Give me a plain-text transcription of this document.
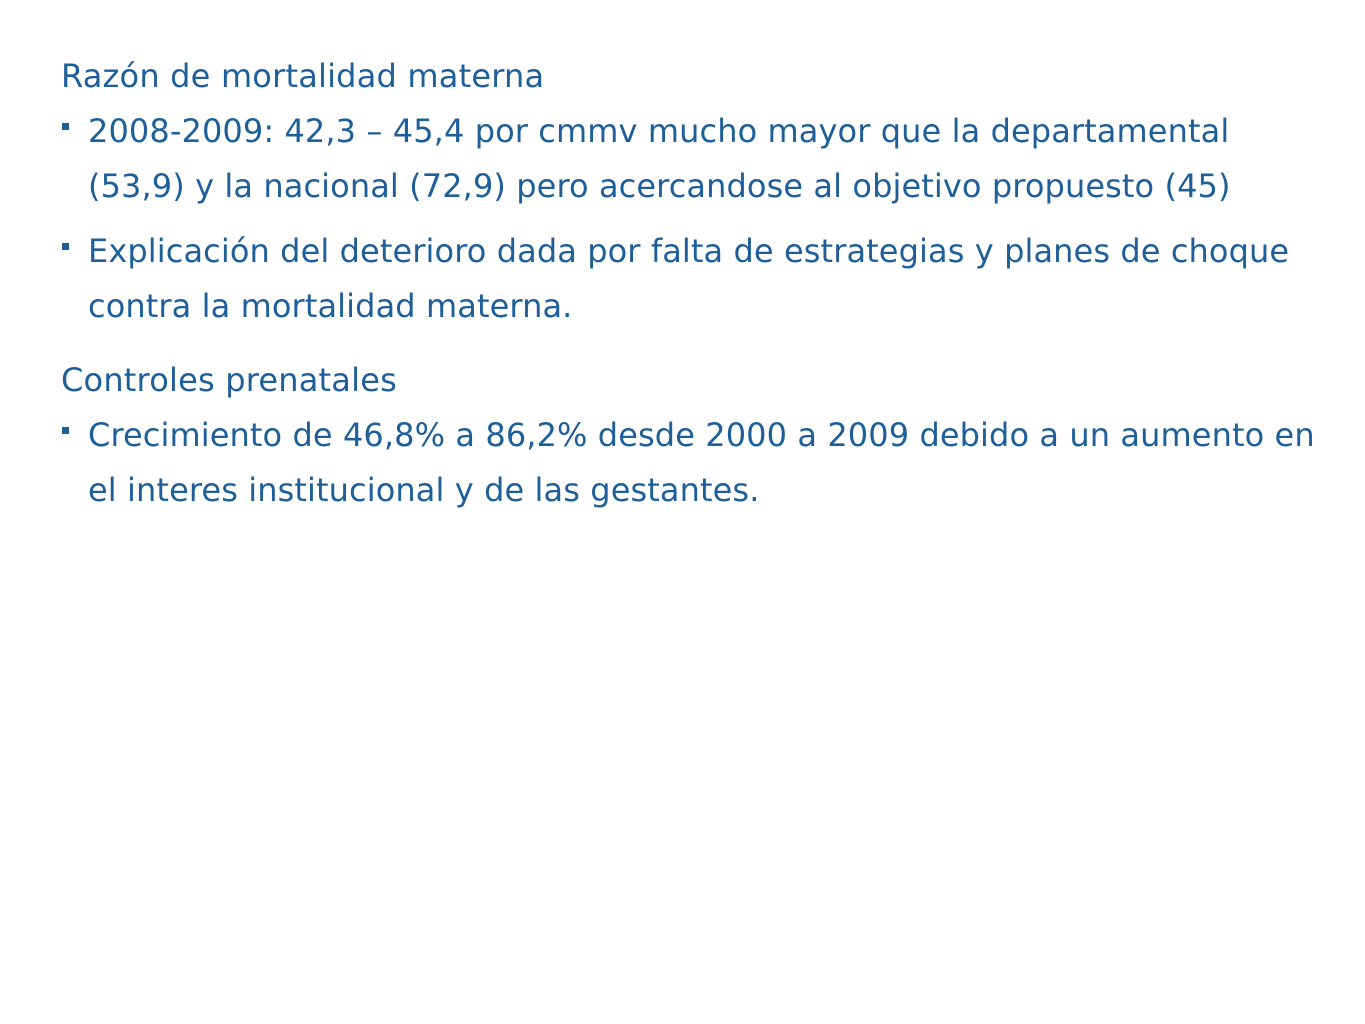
Razón de mortalidad materna
2008-2009: 42,3 – 45,4 por cmmv mucho mayor que la departamental (53,9) y la nacional (72,9) pero acercandose al objetivo propuesto (45)
Explicación del deterioro dada por falta de estrategias y planes de choque contra la mortalidad materna.
Controles prenatales
Crecimiento de 46,8% a 86,2% desde 2000 a 2009 debido a un aumento en el interes institucional y de las gestantes.
